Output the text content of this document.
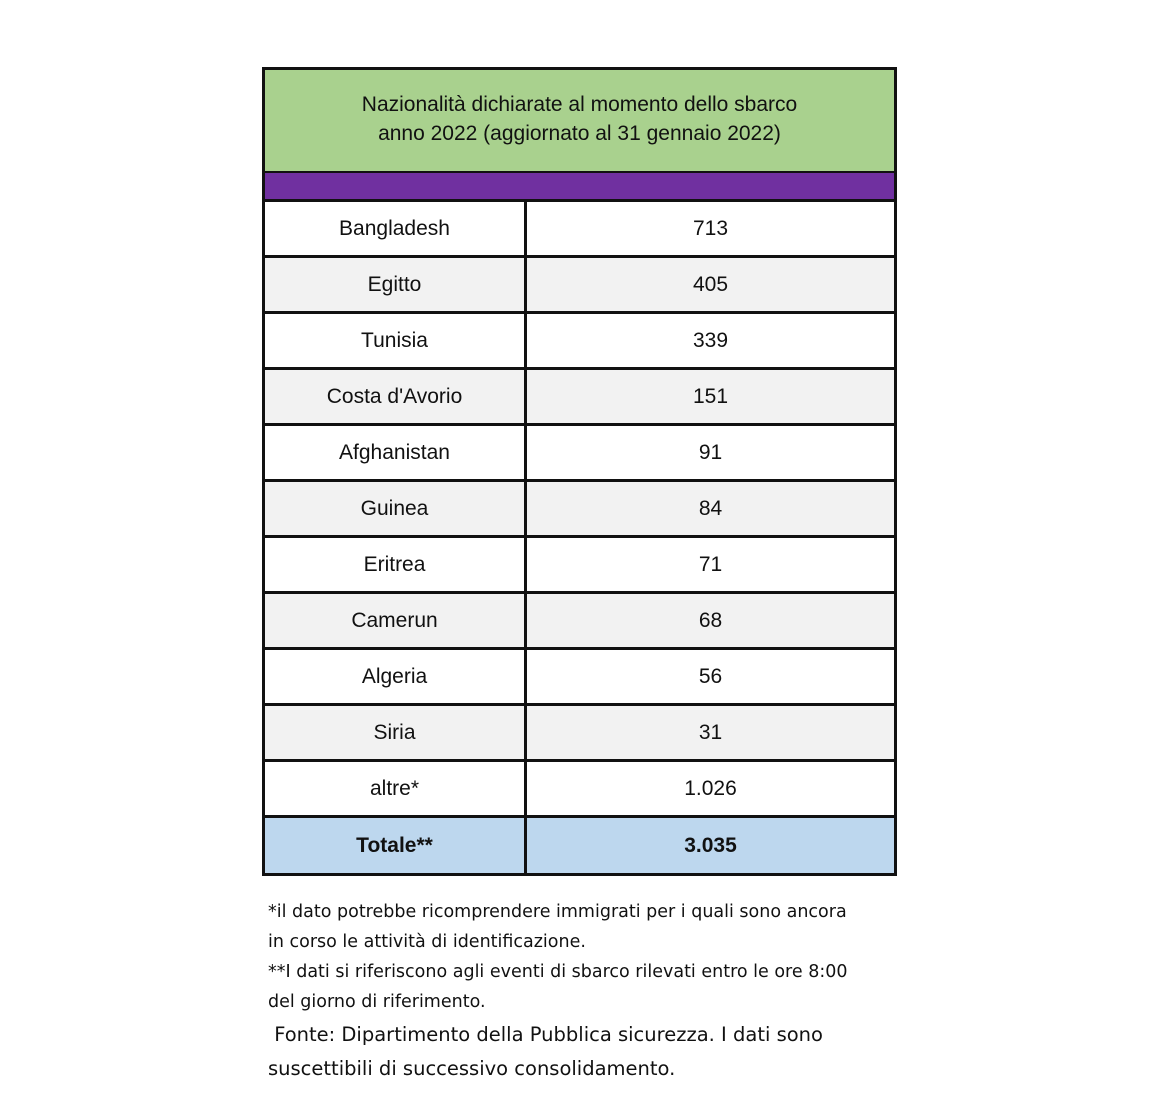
Nazionalità dichiarate al momento dello sbarco
anno 2022 (aggiornato al 31 gennaio 2022)
Bangladesh	713
Egitto	405
Tunisia	339
Costa d'Avorio	151
Afghanistan	91
Guinea	84
Eritrea	71
Camerun	68
Algeria	56
Siria	31
altre*	1.026
Totale**	3.035

*il dato potrebbe ricomprendere immigrati per i quali sono ancora

in corso le attività di identificazione.

**I dati si riferiscono agli eventi di sbarco rilevati entro le ore 8:00

del giorno di riferimento.

Fonte: Dipartimento della Pubblica sicurezza. I dati sono

suscettibili di successivo consolidamento.
